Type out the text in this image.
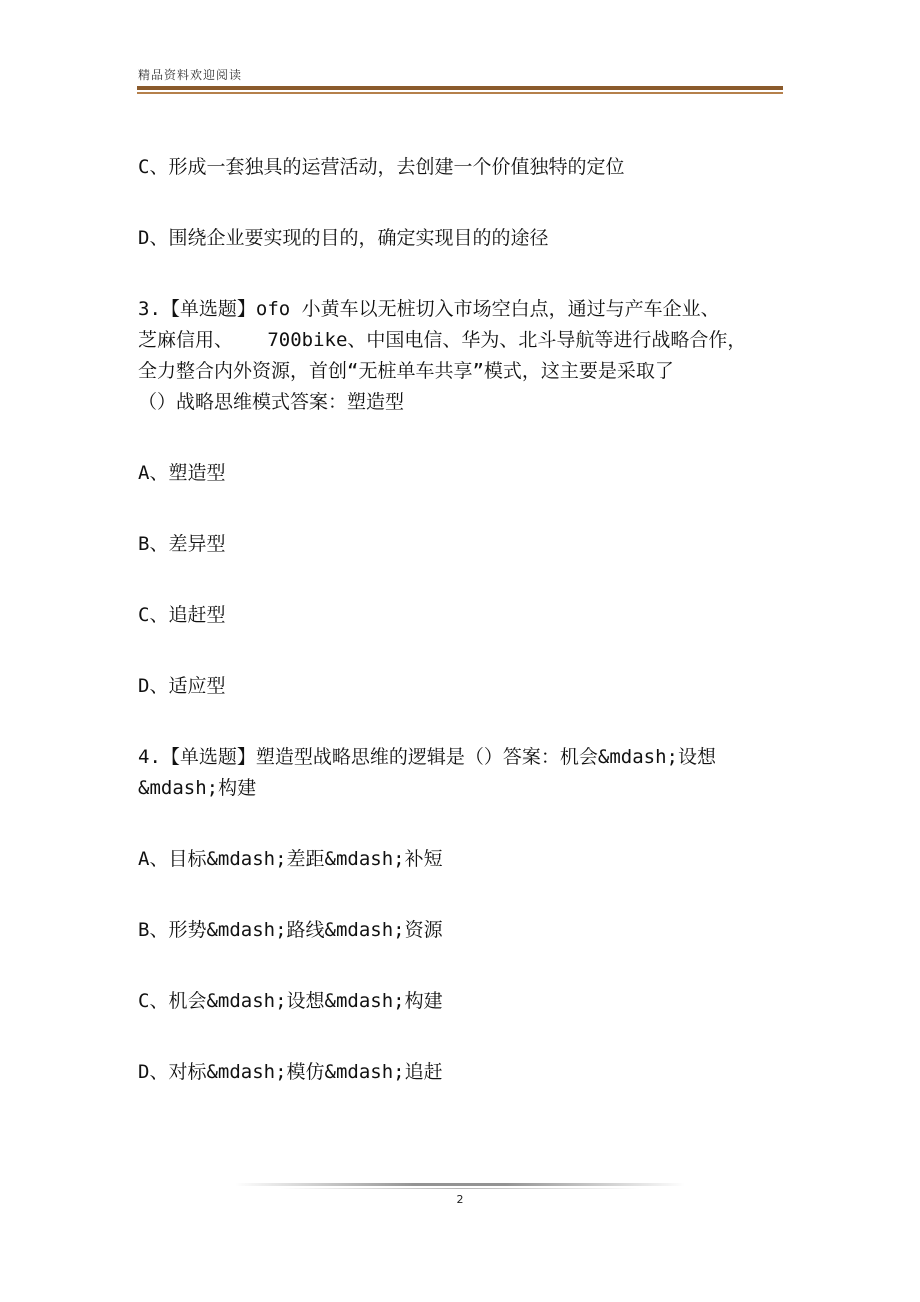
精品资料欢迎阅读

C、形成一套独具的运营活动，去创建一个价值独特的定位

D、围绕企业要实现的目的，确定实现目的的途径

3.【单选题】ofo 小黄车以无桩切入市场空白点，通过与产车企业、

芝麻信用、   700bike、中国电信、华为、北斗导航等进行战略合作，

全力整合内外资源，首创“无桩单车共享”模式，这主要是采取了

（）战略思维模式答案：塑造型

A、塑造型

B、差异型

C、追赶型

D、适应型

4.【单选题】塑造型战略思维的逻辑是（）答案：机会&mdash;设想

&mdash;构建

A、目标&mdash;差距&mdash;补短

B、形势&mdash;路线&mdash;资源

C、机会&mdash;设想&mdash;构建

D、对标&mdash;模仿&mdash;追赶

2
